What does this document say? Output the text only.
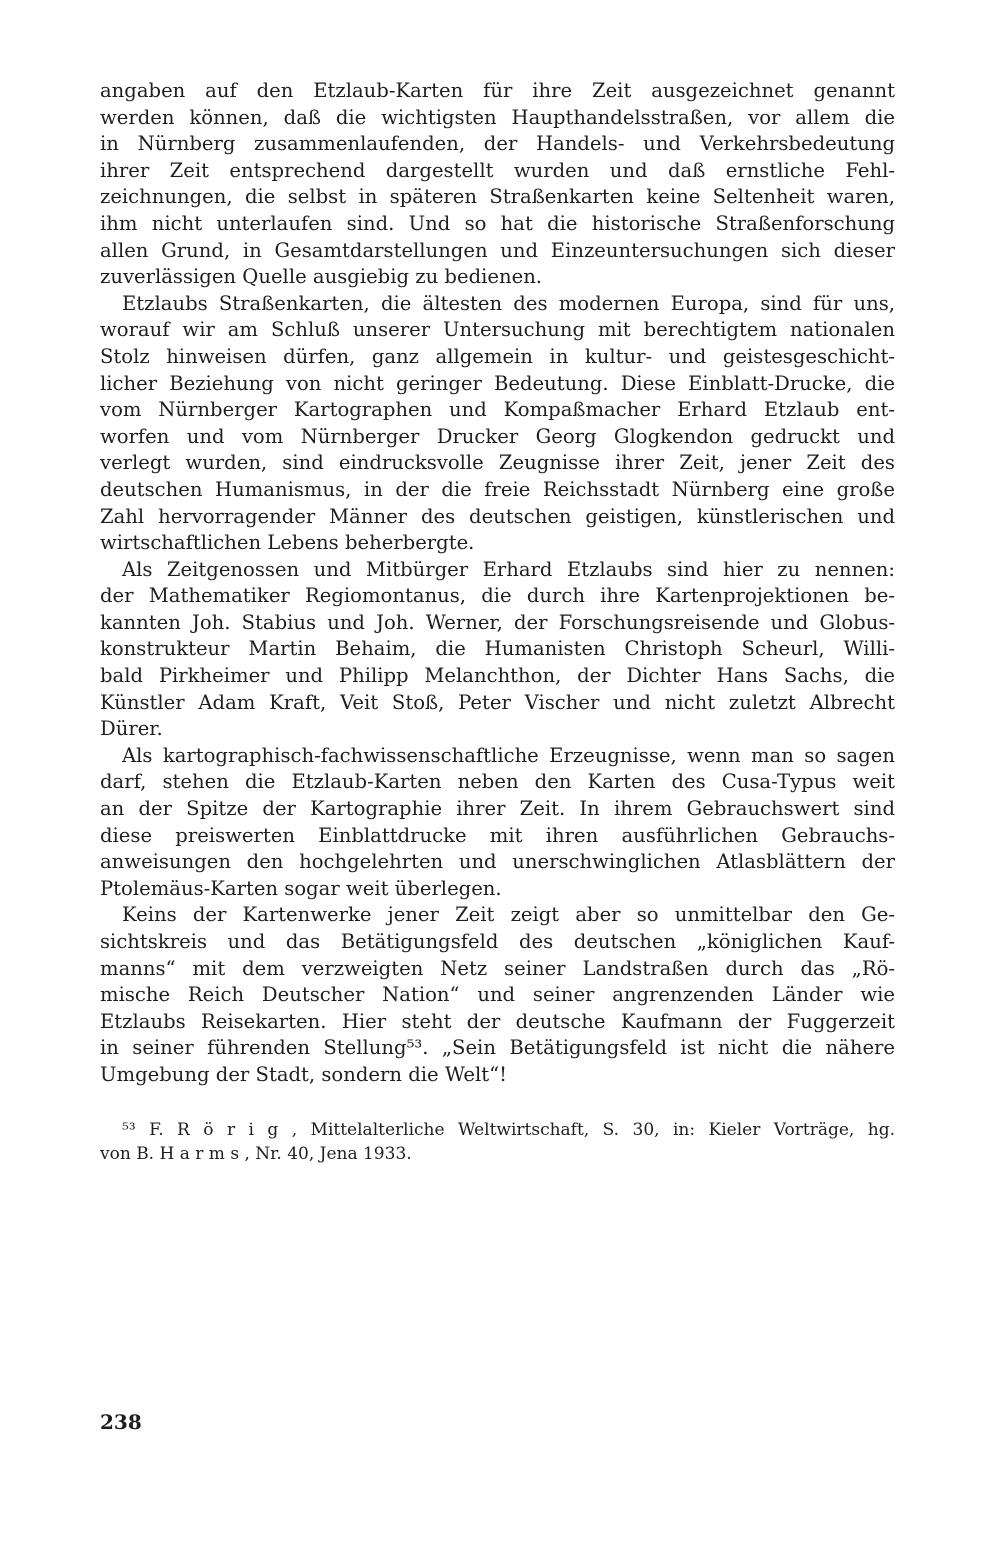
angaben auf den Etzlaub-Karten für ihre Zeit ausgezeichnet genannt
werden können, daß die wichtigsten Haupthandelsstraßen, vor allem die
in Nürnberg zusammenlaufenden, der Handels- und Verkehrsbedeutung
ihrer Zeit entsprechend dargestellt wurden und daß ernstliche Fehl-
zeichnungen, die selbst in späteren Straßenkarten keine Seltenheit waren,
ihm nicht unterlaufen sind. Und so hat die historische Straßenforschung
allen Grund, in Gesamtdarstellungen und Einzeuntersuchungen sich dieser
zuverlässigen Quelle ausgiebig zu bedienen.
Etzlaubs Straßenkarten, die ältesten des modernen Europa, sind für uns,
worauf wir am Schluß unserer Untersuchung mit berechtigtem nationalen
Stolz hinweisen dürfen, ganz allgemein in kultur- und geistesgeschicht-
licher Beziehung von nicht geringer Bedeutung. Diese Einblatt-Drucke, die
vom Nürnberger Kartographen und Kompaßmacher Erhard Etzlaub ent-
worfen und vom Nürnberger Drucker Georg Glogkendon gedruckt und
verlegt wurden, sind eindrucksvolle Zeugnisse ihrer Zeit, jener Zeit des
deutschen Humanismus, in der die freie Reichsstadt Nürnberg eine große
Zahl hervorragender Männer des deutschen geistigen, künstlerischen und
wirtschaftlichen Lebens beherbergte.
Als Zeitgenossen und Mitbürger Erhard Etzlaubs sind hier zu nennen:
der Mathematiker Regiomontanus, die durch ihre Kartenprojektionen be-
kannten Joh. Stabius und Joh. Werner, der Forschungsreisende und Globus-
konstrukteur Martin Behaim, die Humanisten Christoph Scheurl, Willi-
bald Pirkheimer und Philipp Melanchthon, der Dichter Hans Sachs, die
Künstler Adam Kraft, Veit Stoß, Peter Vischer und nicht zuletzt Albrecht
Dürer.
Als kartographisch-fachwissenschaftliche Erzeugnisse, wenn man so sagen
darf, stehen die Etzlaub-Karten neben den Karten des Cusa-Typus weit
an der Spitze der Kartographie ihrer Zeit. In ihrem Gebrauchswert sind
diese preiswerten Einblattdrucke mit ihren ausführlichen Gebrauchs-
anweisungen den hochgelehrten und unerschwinglichen Atlasblättern der
Ptolemäus-Karten sogar weit überlegen.
Keins der Kartenwerke jener Zeit zeigt aber so unmittelbar den Ge-
sichtskreis und das Betätigungsfeld des deutschen „königlichen Kauf-
manns“ mit dem verzweigten Netz seiner Landstraßen durch das „Rö-
mische Reich Deutscher Nation“ und seiner angrenzenden Länder wie
Etzlaubs Reisekarten. Hier steht der deutsche Kaufmann der Fuggerzeit
in seiner führenden Stellung⁵³. „Sein Betätigungsfeld ist nicht die nähere
Umgebung der Stadt, sondern die Welt“!
⁵³ F. R ö r i g , Mittelalterliche Weltwirtschaft, S. 30, in: Kieler Vorträge, hg.
von B. H a r m s , Nr. 40, Jena 1933.
238
